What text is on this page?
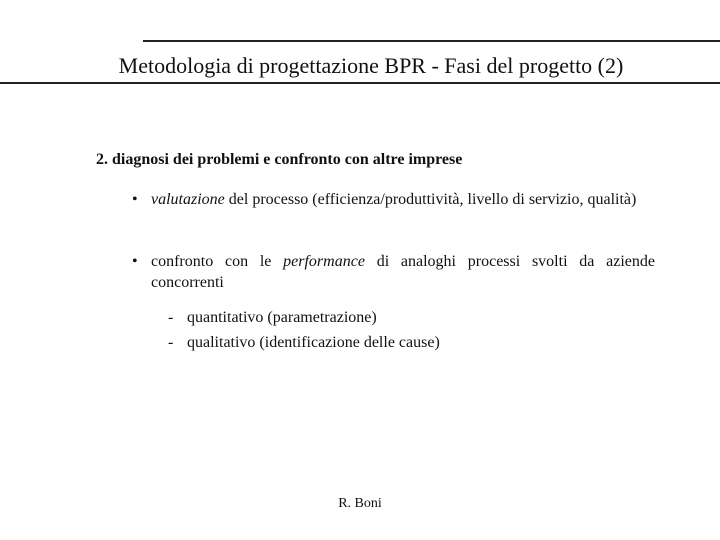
Metodologia di progettazione BPR - Fasi del progetto (2)
2. diagnosi dei problemi e confronto con altre imprese
• valutazione del processo (efficienza/produttività, livello di servizio, qualità)
• confronto con le performance di analoghi processi svolti da aziende concorrenti
- quantitativo (parametrazione)
- qualitativo (identificazione delle cause)
R. Boni
